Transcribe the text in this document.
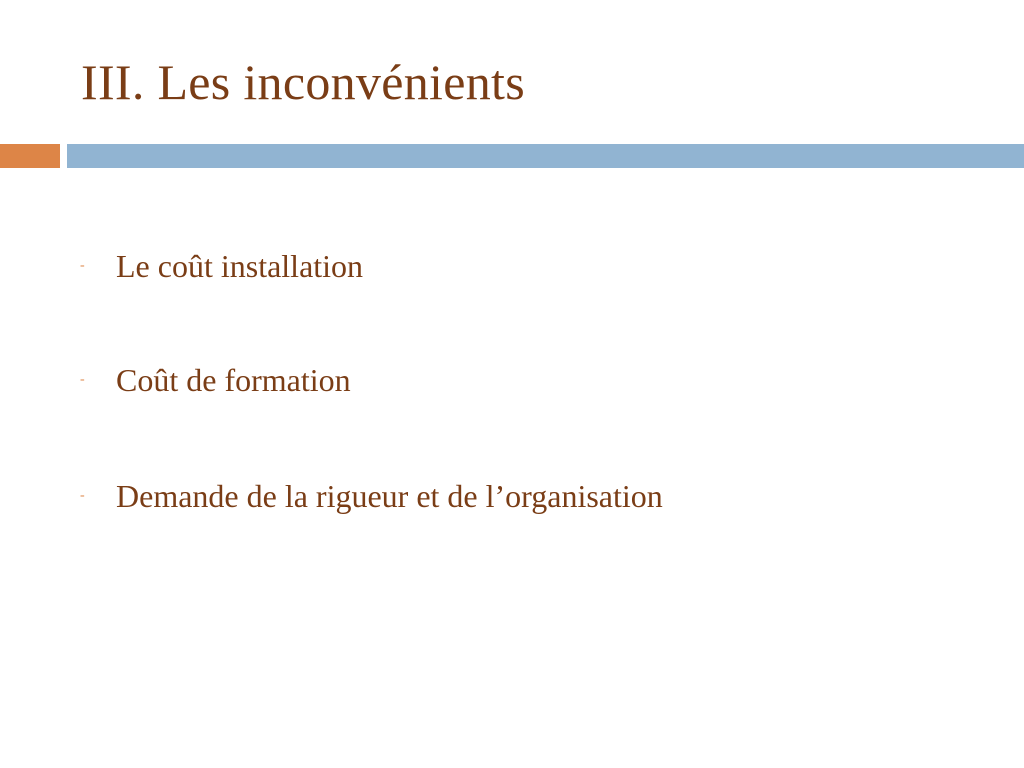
III. Les inconvénients
- Le coût installation
- Coût de formation
- Demande de la rigueur et de l’organisation
